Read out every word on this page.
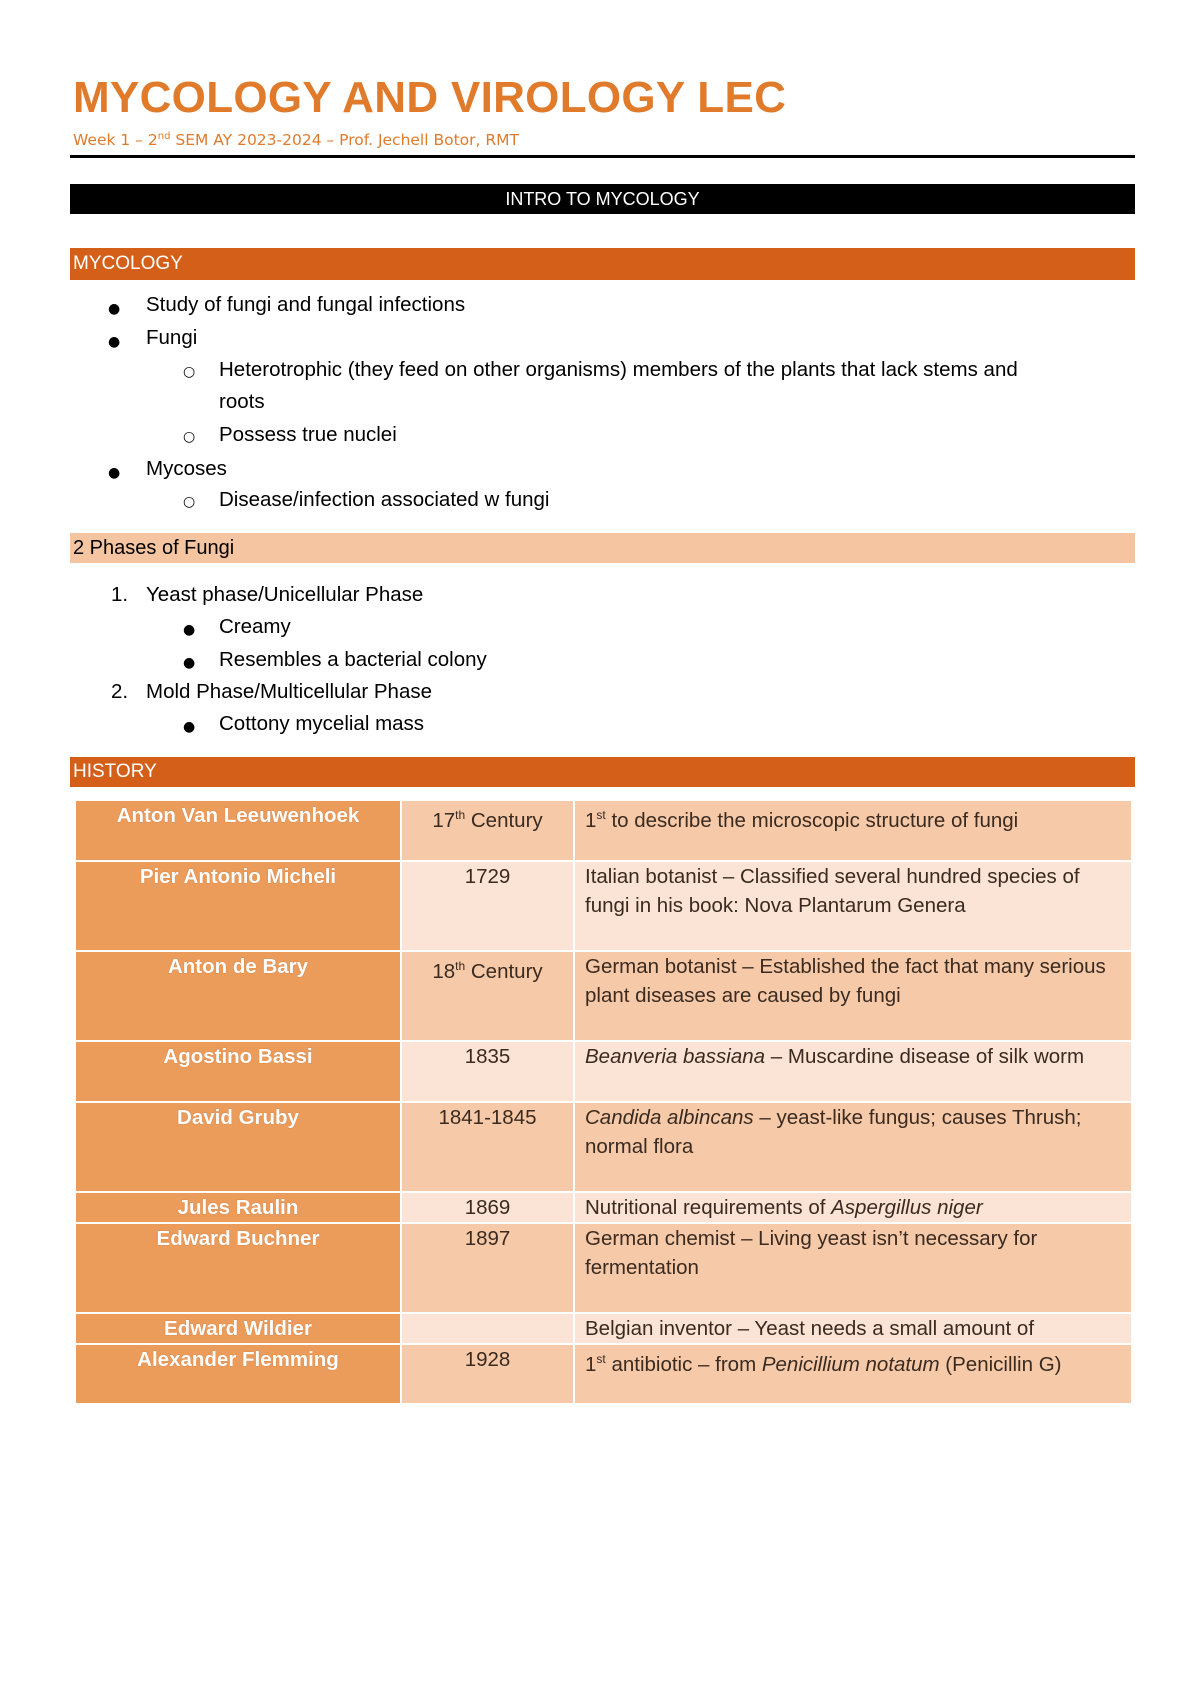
MYCOLOGY AND VIROLOGY LEC
Week 1 – 2nd SEM AY 2023-2024 – Prof. Jechell Botor, RMT
INTRO TO MYCOLOGY
MYCOLOGY
● Study of fungi and fungal infections
● Fungi
○ Heterotrophic (they feed on other organisms) members of the plants that lack stems and
roots
○ Possess true nuclei
● Mycoses
○ Disease/infection associated w fungi
2 Phases of Fungi
1. Yeast phase/Unicellular Phase
● Creamy
● Resembles a bacterial colony
2. Mold Phase/Multicellular Phase
● Cottony mycelial mass
HISTORY
Anton Van Leeuwenhoek	17th Century	1st to describe the microscopic structure of fungi
Pier Antonio Micheli	1729	Italian botanist – Classified several hundred species of fungi in his book: Nova Plantarum Genera
Anton de Bary	18th Century	German botanist – Established the fact that many serious plant diseases are caused by fungi
Agostino Bassi	1835	Beanveria bassiana – Muscardine disease of silk worm
David Gruby	1841-1845	Candida albincans – yeast-like fungus; causes Thrush; normal flora
Jules Raulin	1869	Nutritional requirements of Aspergillus niger
Edward Buchner	1897	German chemist – Living yeast isn’t necessary for fermentation
Edward Wildier		Belgian inventor – Yeast needs a small amount of
Alexander Flemming	1928	1st antibiotic – from Penicillium notatum (Penicillin G)
